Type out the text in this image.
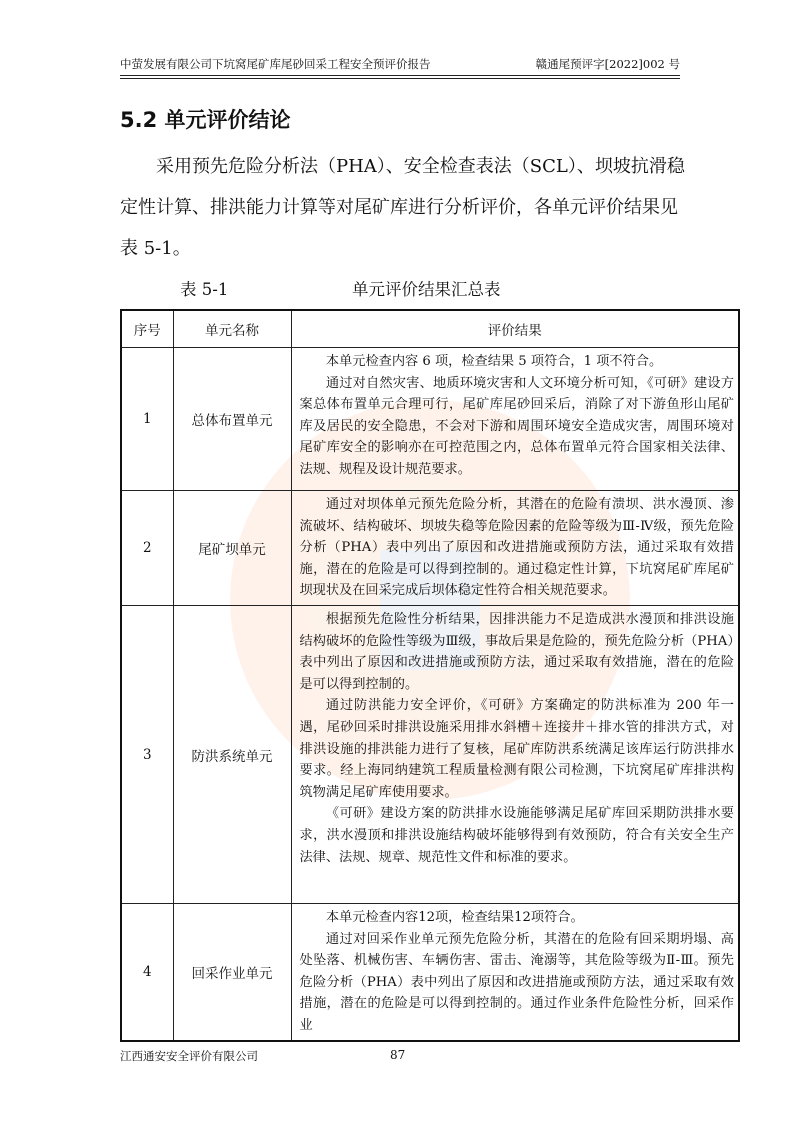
中萤发展有限公司下坑窝尾矿库尾砂回采工程安全预评价报告	赣通尾预评字[2022]002 号
5.2 单元评价结论
采用预先危险分析法（PHA）、安全检查表法（SCL）、坝坡抗滑稳
定性计算、排洪能力计算等对尾矿库进行分析评价，各单元评价结果见
表 5-1。
表 5-1	单元评价结果汇总表
序号	单元名称	评价结果
1	总体布置单元	本单元检查内容 6 项，检查结果 5 项符合，1 项不符合。

通过对自然灾害、地质环境灾害和人文环境分析可知，《可研》建设方案总体布置单元合理可行，尾矿库尾砂回采后，消除了对下游鱼形山尾矿库及居民的安全隐患，不会对下游和周围环境安全造成灾害，周围环境对尾矿库安全的影响亦在可控范围之内，总体布置单元符合国家相关法律、法规、规程及设计规范要求。

2	尾矿坝单元	通过对坝体单元预先危险分析，其潜在的危险有溃坝、洪水漫顶、渗流破坏、结构破坏、坝坡失稳等危险因素的危险等级为Ⅲ-Ⅳ级，预先危险分析（PHA）表中列出了原因和改进措施或预防方法，通过采取有效措施，潜在的危险是可以得到控制的。通过稳定性计算，下坑窝尾矿库尾矿坝现状及在回采完成后坝体稳定性符合相关规范要求。

3	防洪系统单元	根据预先危险性分析结果，因排洪能力不足造成洪水漫顶和排洪设施结构破坏的危险性等级为Ⅲ级，事故后果是危险的，预先危险分析（PHA）表中列出了原因和改进措施或预防方法，通过采取有效措施，潜在的危险是可以得到控制的。

通过防洪能力安全评价，《可研》方案确定的防洪标准为 200 年一遇，尾砂回采时排洪设施采用排水斜槽＋连接井＋排水管的排洪方式，对排洪设施的排洪能力进行了复核，尾矿库防洪系统满足该库运行防洪排水要求。经上海同纳建筑工程质量检测有限公司检测，下坑窝尾矿库排洪构筑物满足尾矿库使用要求。

《可研》建设方案的防洪排水设施能够满足尾矿库回采期防洪排水要求，洪水漫顶和排洪设施结构破坏能够得到有效预防，符合有关安全生产法律、法规、规章、规范性文件和标准的要求。

4	回采作业单元	本单元检查内容12项，检查结果12项符合。

通过对回采作业单元预先危险分析，其潜在的危险有回采期坍塌、高处坠落、机械伤害、车辆伤害、雷击、淹溺等，其危险等级为Ⅱ-Ⅲ。预先危险分析（PHA）表中列出了原因和改进措施或预防方法，通过采取有效措施，潜在的危险是可以得到控制的。通过作业条件危险性分析，回采作业

江西通安安全评价有限公司	87
